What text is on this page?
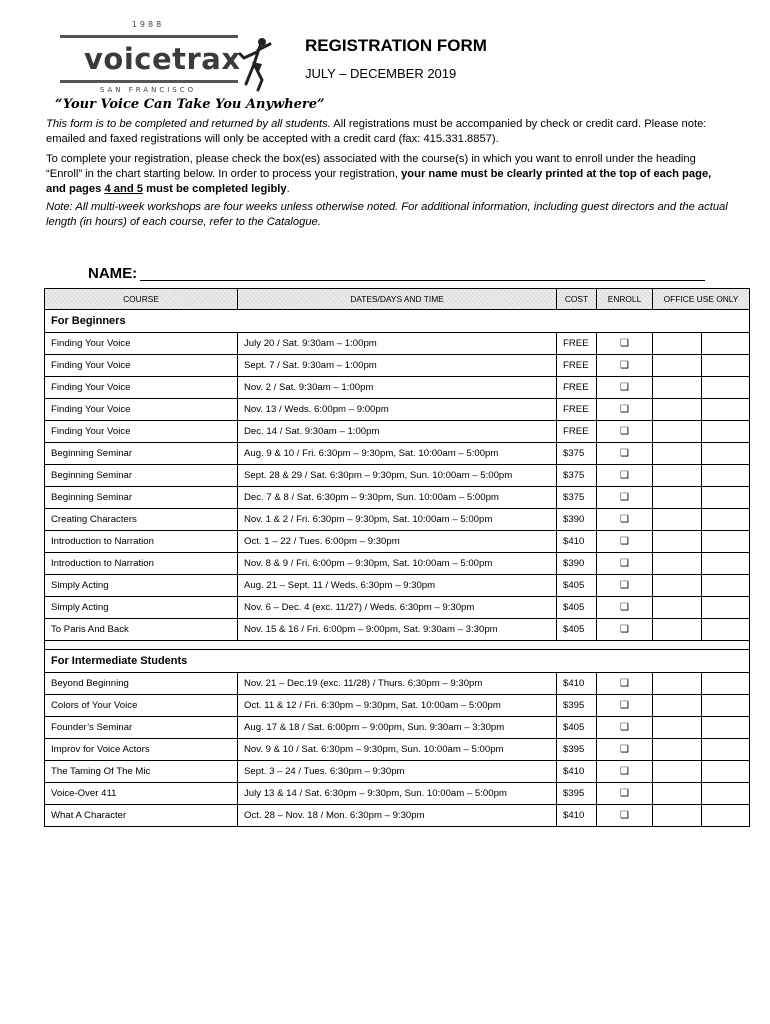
1988
voicetrax
SAN FRANCISCO
REGISTRATION FORM
JULY – DECEMBER 2019
“Your Voice Can Take You Anywhere”
This form is to be completed and returned by all students. All registrations must be accompanied by check or credit card. Please note: emailed and faxed registrations will only be accepted with a credit card (fax: 415.331.8857).
To complete your registration, please check the box(es) associated with the course(s) in which you want to enroll under the heading “Enroll” in the chart starting below. In order to process your registration, your name must be clearly printed at the top of each page, and pages 4 and 5 must be completed legibly.
Note: All multi-week workshops are four weeks unless otherwise noted. For additional information, including guest directors and the actual length (in hours) of each course, refer to the Catalogue.
NAME:
COURSE	DATES/DAYS AND TIME	COST	ENROLL	OFFICE USE ONLY
For Beginners				
Finding Your Voice	July 20 / Sat. 9:30am – 1:00pm	FREE	❑	

Finding Your Voice	Sept. 7 / Sat. 9:30am – 1:00pm	FREE	❑	

Finding Your Voice	Nov. 2 / Sat. 9:30am – 1:00pm	FREE	❑	

Finding Your Voice	Nov. 13 / Weds. 6:00pm – 9:00pm	FREE	❑	

Finding Your Voice	Dec. 14 / Sat. 9:30am – 1:00pm	FREE	❑	

Beginning Seminar	Aug. 9 & 10 / Fri. 6:30pm – 9:30pm, Sat. 10:00am – 5:00pm	$375	❑	

Beginning Seminar	Sept. 28 & 29 / Sat. 6:30pm – 9:30pm, Sun. 10:00am – 5:00pm	$375	❑	

Beginning Seminar	Dec. 7 & 8 / Sat. 6:30pm – 9:30pm, Sun. 10:00am – 5:00pm	$375	❑	

Creating Characters	Nov. 1 & 2 / Fri. 6:30pm – 9:30pm, Sat. 10:00am – 5:00pm	$390	❑	

Introduction to Narration	Oct. 1 – 22 / Tues. 6:00pm – 9:30pm	$410	❑	

Introduction to Narration	Nov. 8 & 9 / Fri. 6:00pm – 9:30pm, Sat. 10:00am – 5:00pm	$390	❑	

Simply Acting	Aug. 21 – Sept. 11 / Weds. 6:30pm – 9:30pm	$405	❑	

Simply Acting	Nov. 6 – Dec. 4 (exc. 11/27) / Weds. 6:30pm – 9:30pm	$405	❑	

To Paris And Back	Nov. 15 & 16 / Fri. 6:00pm – 9:00pm, Sat. 9:30am – 3:30pm	$405	❑	

For Intermediate Students				
Beyond Beginning	Nov. 21 – Dec.19 (exc. 11/28) / Thurs. 6:30pm – 9:30pm	$410	❑	

Colors of Your Voice	Oct. 11 & 12 / Fri. 6:30pm – 9:30pm, Sat. 10:00am – 5:00pm	$395	❑	

Founder’s Seminar	Aug. 17 & 18 / Sat. 6:00pm – 9:00pm, Sun. 9:30am – 3:30pm	$405	❑	

Improv for Voice Actors	Nov. 9 & 10 / Sat. 6:30pm – 9:30pm, Sun. 10:00am – 5:00pm	$395	❑	

The Taming Of The Mic	Sept. 3 – 24 / Tues. 6:30pm – 9:30pm	$410	❑	

Voice-Over 411	July 13 & 14 / Sat. 6:30pm – 9:30pm, Sun. 10:00am – 5:00pm	$395	❑	

What A Character	Oct. 28 – Nov. 18 / Mon. 6:30pm – 9:30pm	$410	❑	
